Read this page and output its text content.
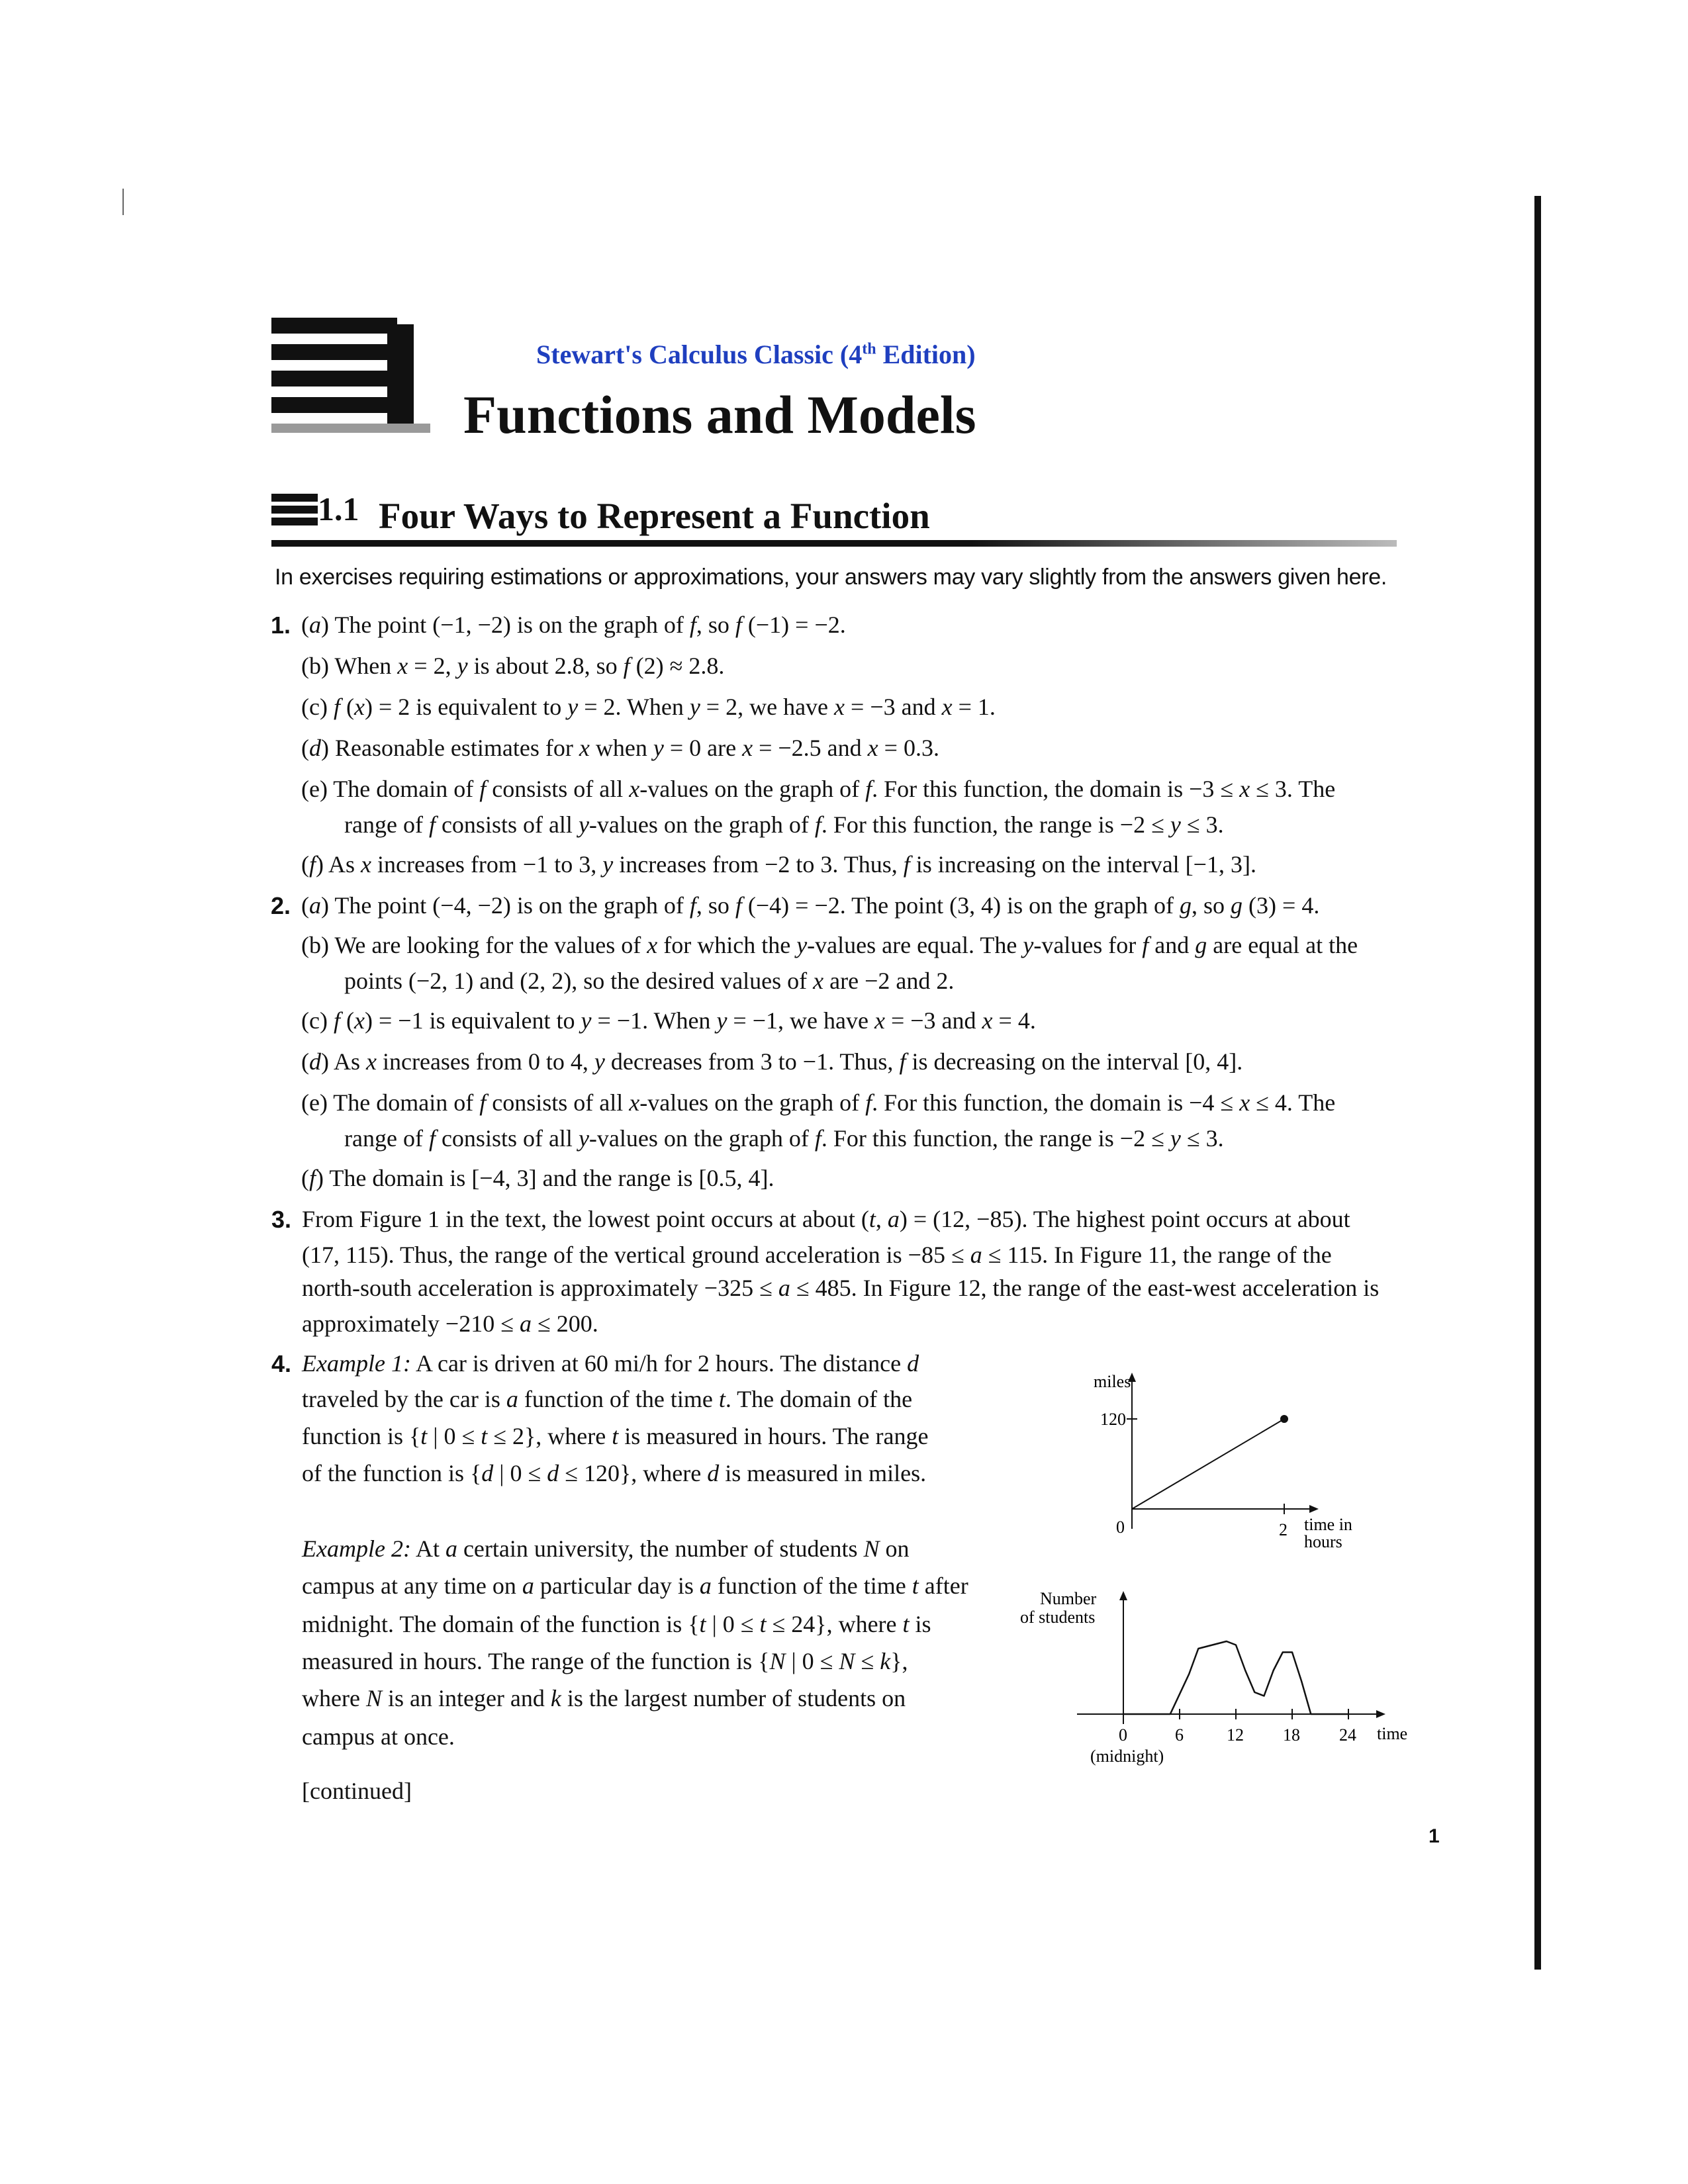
Stewart's Calculus Classic (4th Edition)
Functions and Models
1.1 Four Ways to Represent a Function
In exercises requiring estimations or approximations, your answers may vary slightly from the answers given here.
1. (a) The point (−1, −2) is on the graph of f, so f (−1) = −2.
(b) When x = 2, y is about 2.8, so f (2) ≈ 2.8.
(c) f (x) = 2 is equivalent to y = 2. When y = 2, we have x = −3 and x = 1.
(d) Reasonable estimates for x when y = 0 are x = −2.5 and x = 0.3.
(e) The domain of f consists of all x-values on the graph of f. For this function, the domain is −3 ≤ x ≤ 3. The
range of f consists of all y-values on the graph of f. For this function, the range is −2 ≤ y ≤ 3.
(f) As x increases from −1 to 3, y increases from −2 to 3. Thus, f is increasing on the interval [−1, 3].
2. (a) The point (−4, −2) is on the graph of f, so f (−4) = −2. The point (3, 4) is on the graph of g, so g (3) = 4.
(b) We are looking for the values of x for which the y-values are equal. The y-values for f and g are equal at the
points (−2, 1) and (2, 2), so the desired values of x are −2 and 2.
(c) f (x) = −1 is equivalent to y = −1. When y = −1, we have x = −3 and x = 4.
(d) As x increases from 0 to 4, y decreases from 3 to −1. Thus, f is decreasing on the interval [0, 4].
(e) The domain of f consists of all x-values on the graph of f. For this function, the domain is −4 ≤ x ≤ 4. The
range of f consists of all y-values on the graph of f. For this function, the range is −2 ≤ y ≤ 3.
(f) The domain is [−4, 3] and the range is [0.5, 4].
3. From Figure 1 in the text, the lowest point occurs at about (t, a) = (12, −85). The highest point occurs at about
(17, 115). Thus, the range of the vertical ground acceleration is −85 ≤ a ≤ 115. In Figure 11, the range of the
north-south acceleration is approximately −325 ≤ a ≤ 485. In Figure 12, the range of the east-west acceleration is
approximately −210 ≤ a ≤ 200.
4. Example 1: A car is driven at 60 mi/h for 2 hours. The distance d
traveled by the car is a function of the time t. The domain of the
function is {t | 0 ≤ t ≤ 2}, where t is measured in hours. The range
of the function is {d | 0 ≤ d ≤ 120}, where d is measured in miles.
Example 2: At a certain university, the number of students N on
campus at any time on a particular day is a function of the time t after
midnight. The domain of the function is {t | 0 ≤ t ≤ 24}, where t is
measured in hours. The range of the function is {N | 0 ≤ N ≤ k},
where N is an integer and k is the largest number of students on
campus at once.
[continued]
miles
time in
hours
120
0	2
Number
of students
time
0	6	12 18 24
(midnight)
1
